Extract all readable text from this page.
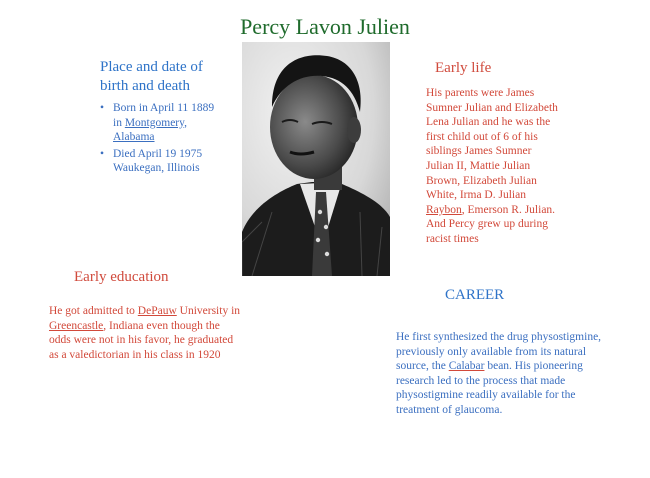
Percy Lavon Julien
Place and date of birth and death
• Born in April 11 1889 in Montgomery, Alabama
• Died April 19 1975 Waukegan, Illinois
Early life
His parents were James Sumner Julian and Elizabeth Lena Julian and he was the first child out of 6 of his siblings James Sumner Julian II, Mattie Julian Brown, Elizabeth Julian White, Irma D. Julian Raybon, Emerson R. Julian. And Percy grew up during racist times
Early education
He got admitted to DePauw University in Greencastle, Indiana even though the odds were not in his favor, he graduated as a valedictorian in his class in 1920
CAREER
He first synthesized the drug physostigmine, previously only available from its natural source, the Calabar bean. His pioneering research led to the process that made physostigmine readily available for the treatment of glaucoma.
